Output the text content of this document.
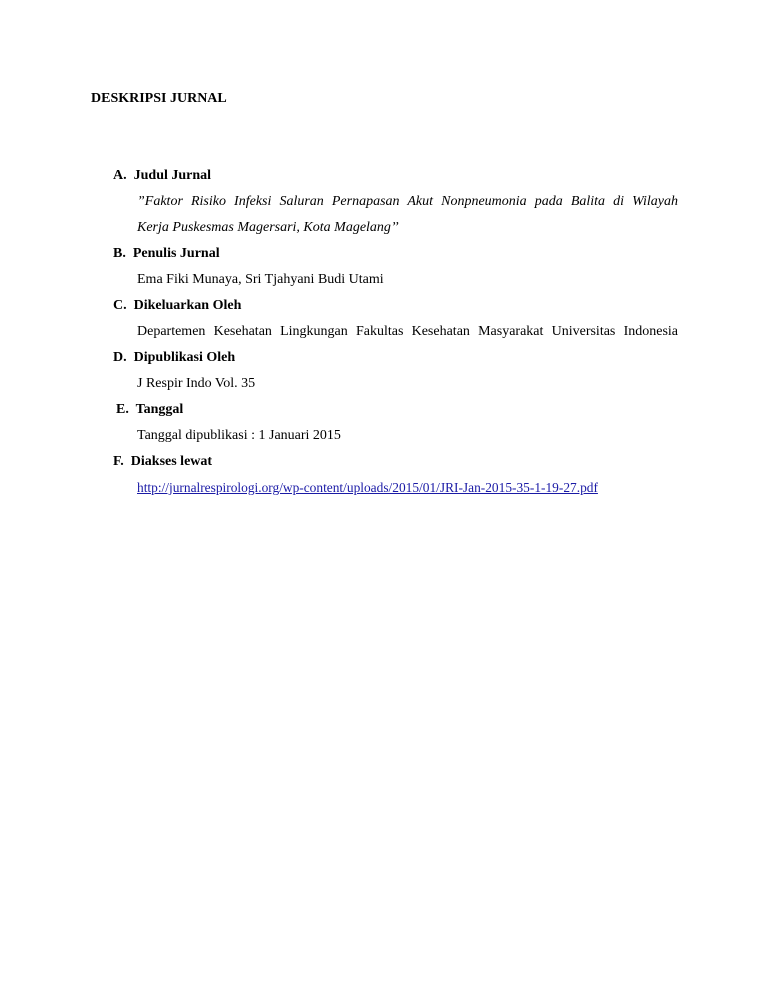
DESKRIPSI JURNAL
A. Judul Jurnal
”Faktor Risiko Infeksi Saluran Pernapasan Akut Nonpneumonia pada Balita di Wilayah
Kerja Puskesmas Magersari, Kota Magelang’’
B. Penulis Jurnal
Ema Fiki Munaya, Sri Tjahyani Budi Utami
C. Dikeluarkan Oleh
Departemen Kesehatan Lingkungan Fakultas Kesehatan Masyarakat Universitas Indonesia
D. Dipublikasi Oleh
J Respir Indo Vol. 35
E. Tanggal
Tanggal dipublikasi : 1 Januari 2015
F. Diakses lewat
http://jurnalrespirologi.org/wp-content/uploads/2015/01/JRI-Jan-2015-35-1-19-27.pdf
